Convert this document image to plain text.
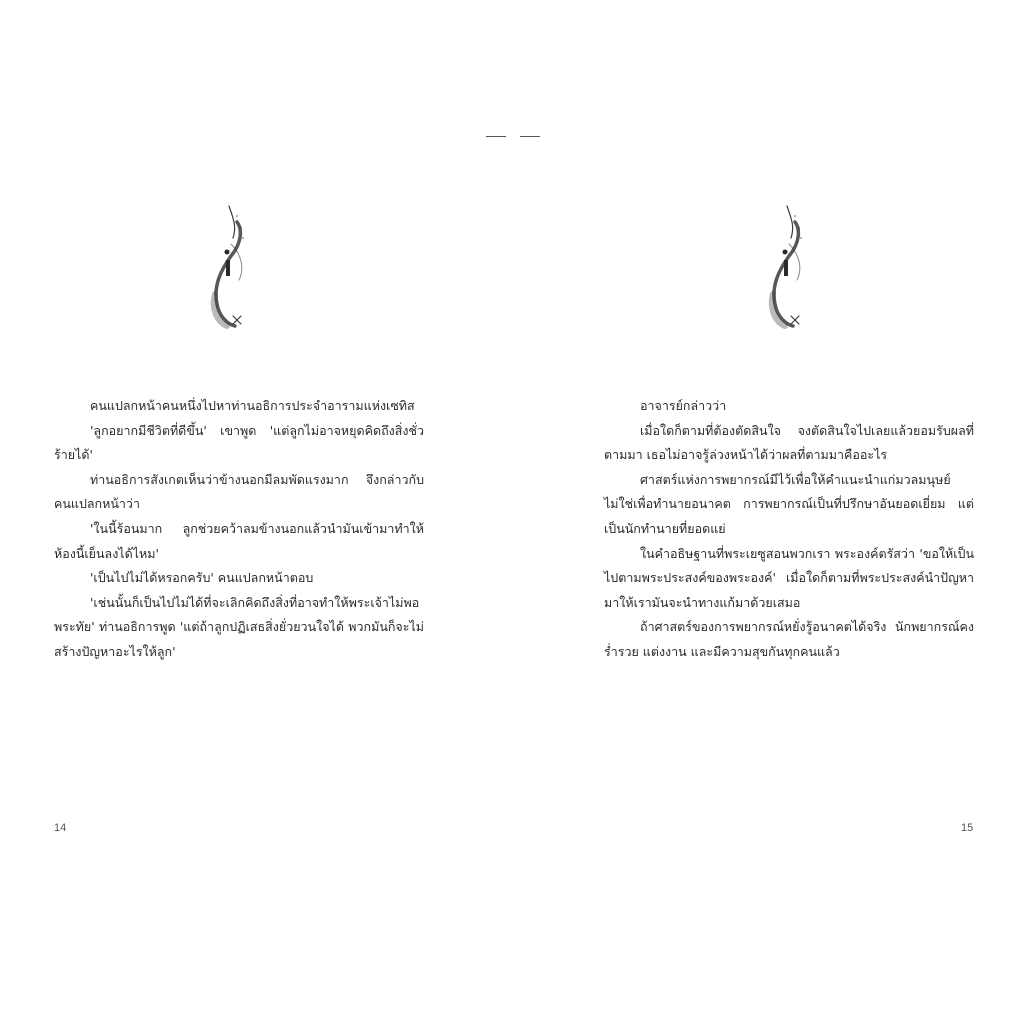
คนแปลกหน้าคนหนึ่งไปหาท่านอธิการประจำอารามแห่งเซทิส

'ลูกอยากมีชีวิตที่ดีขึ้น' เขาพูด 'แต่ลูกไม่อาจหยุดคิดถึงสิ่งชั่วร้ายได้'

ท่านอธิการสังเกตเห็นว่าข้างนอกมีลมพัดแรงมาก จึงกล่าวกับคนแปลกหน้าว่า

'ในนี้ร้อนมาก ลูกช่วยคว้าลมข้างนอกแล้วนำมันเข้ามาทำให้ห้องนี้เย็นลงได้ไหม'

'เป็นไปไม่ได้หรอกครับ' คนแปลกหน้าตอบ

'เช่นนั้นก็เป็นไปไม่ได้ที่จะเลิกคิดถึงสิ่งที่อาจทำให้พระเจ้าไม่พอพระทัย' ท่านอธิการพูด 'แต่ถ้าลูกปฏิเสธสิ่งยั่วยวนใจได้ พวกมันก็จะไม่สร้างปัญหาอะไรให้ลูก'

14

อาจารย์กล่าวว่า

เมื่อใดก็ตามที่ต้องตัดสินใจ จงตัดสินใจไปเลยแล้วยอมรับผลที่ตามมา เธอไม่อาจรู้ล่วงหน้าได้ว่าผลที่ตามมาคืออะไร

ศาสตร์แห่งการพยากรณ์มีไว้เพื่อให้คำแนะนำแก่มวลมนุษย์ ไม่ใช่เพื่อทำนายอนาคต การพยากรณ์เป็นที่ปรึกษาอันยอดเยี่ยม แต่เป็นนักทำนายที่ยอดแย่

ในคำอธิษฐานที่พระเยซูสอนพวกเรา พระองค์ตรัสว่า 'ขอให้เป็นไปตามพระประสงค์ของพระองค์' เมื่อใดก็ตามที่พระประสงค์นำปัญหามาให้เรามันจะนำทางแก้มาด้วยเสมอ

ถ้าศาสตร์ของการพยากรณ์หยั่งรู้อนาคตได้จริง นักพยากรณ์คงร่ำรวย แต่งงาน และมีความสุขกันทุกคนแล้ว

15
